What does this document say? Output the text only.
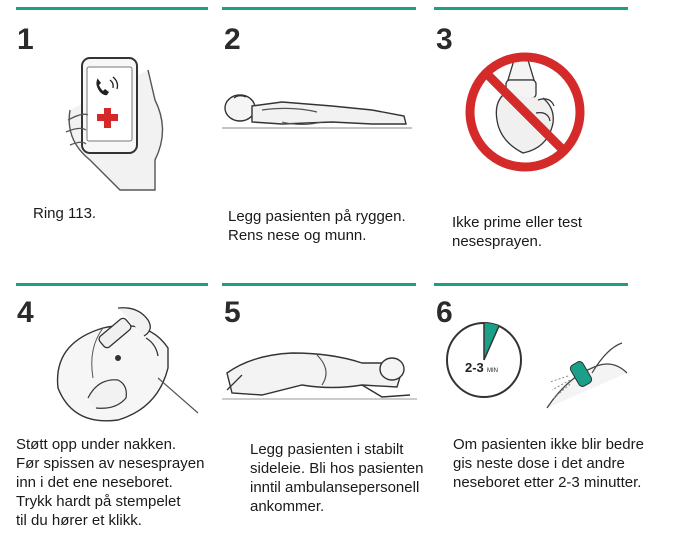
1
Ring 113.
2
Legg pasienten på ryggen.
Rens nese og munn.
3
Ikke prime eller test
nesesprayen.
4
Støtt opp under nakken.
Før spissen av nesesprayen
inn i det ene neseboret.
Trykk hardt på stempelet
til du hører et klikk.
5
Legg pasienten i stabilt
sideleie. Bli hos pasienten
inntil ambulansepersonell
ankommer.
6
2-3 MIN
Om pasienten ikke blir bedre
gis neste dose i det andre
neseboret etter 2-3 minutter.
